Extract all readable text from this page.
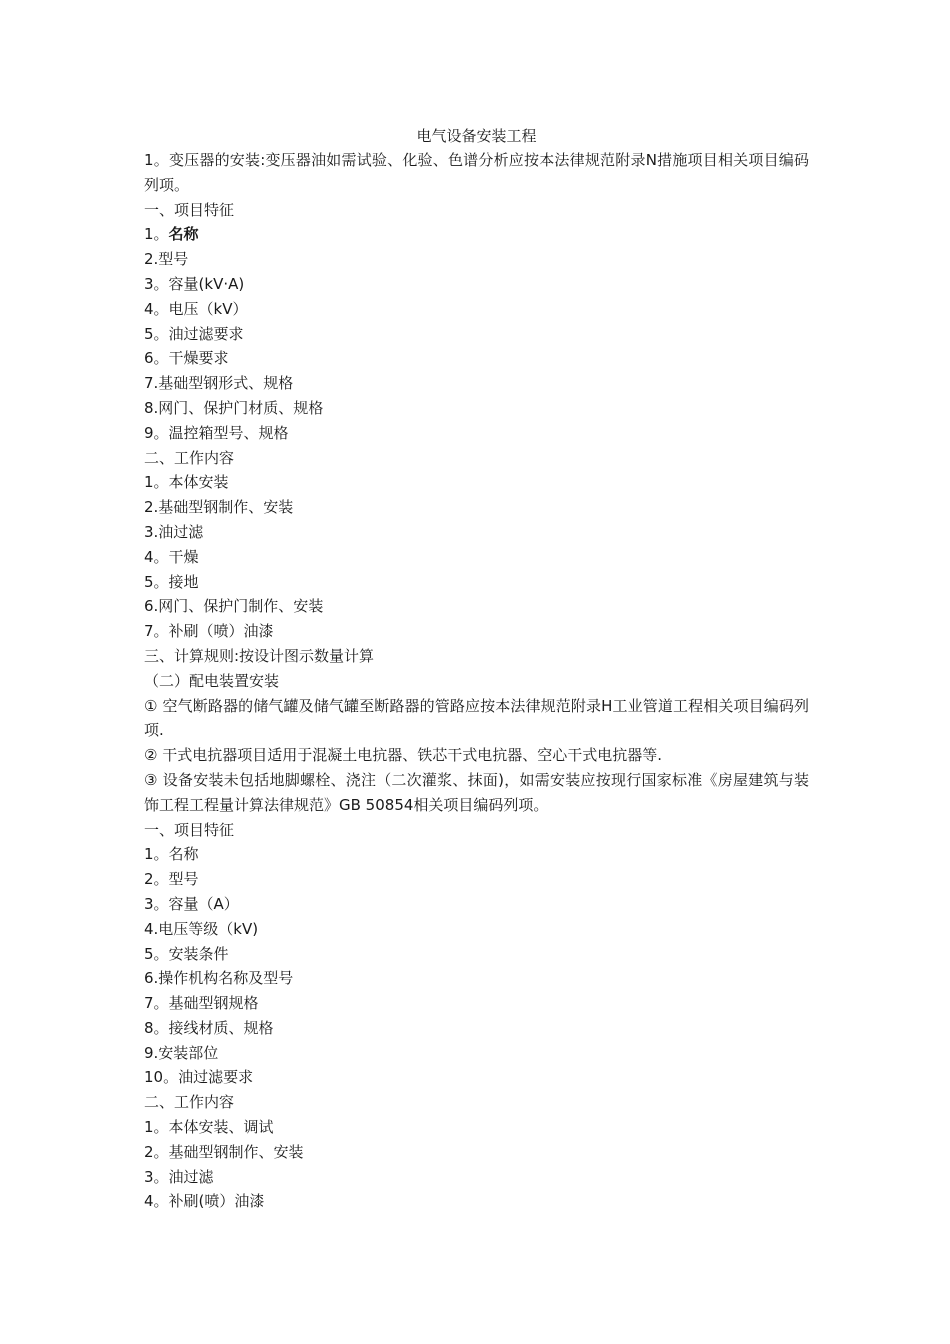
电气设备安装工程
1。变压器的安装:变压器油如需试验、化验、色谱分析应按本法律规范附录N措施项目相关项目编码列项。
一、项目特征
1。名称
2.型号
3。容量(kV·A)
4。电压（kV）
5。油过滤要求
6。干燥要求
7.基础型钢形式、规格
8.网门、保护门材质、规格
9。温控箱型号、规格
二、工作内容
1。本体安装
2.基础型钢制作、安装
3.油过滤
4。干燥
5。接地
6.网门、保护门制作、安装
7。补刷（喷）油漆
三、计算规则:按设计图示数量计算
（二）配电装置安装
① 空气断路器的储气罐及储气罐至断路器的管路应按本法律规范附录H工业管道工程相关项目编码列项.
② 干式电抗器项目适用于混凝土电抗器、铁芯干式电抗器、空心干式电抗器等.
③ 设备安装未包括地脚螺栓、浇注（二次灌浆、抹面)，如需安装应按现行国家标准《房屋建筑与装饰工程工程量计算法律规范》GB 50854相关项目编码列项。
一、项目特征
1。名称
2。型号
3。容量（A）
4.电压等级（kV)
5。安装条件
6.操作机构名称及型号
7。基础型钢规格
8。接线材质、规格
9.安装部位
10。油过滤要求
二、工作内容
1。本体安装、调试
2。基础型钢制作、安装
3。油过滤
4。补刷(喷）油漆
